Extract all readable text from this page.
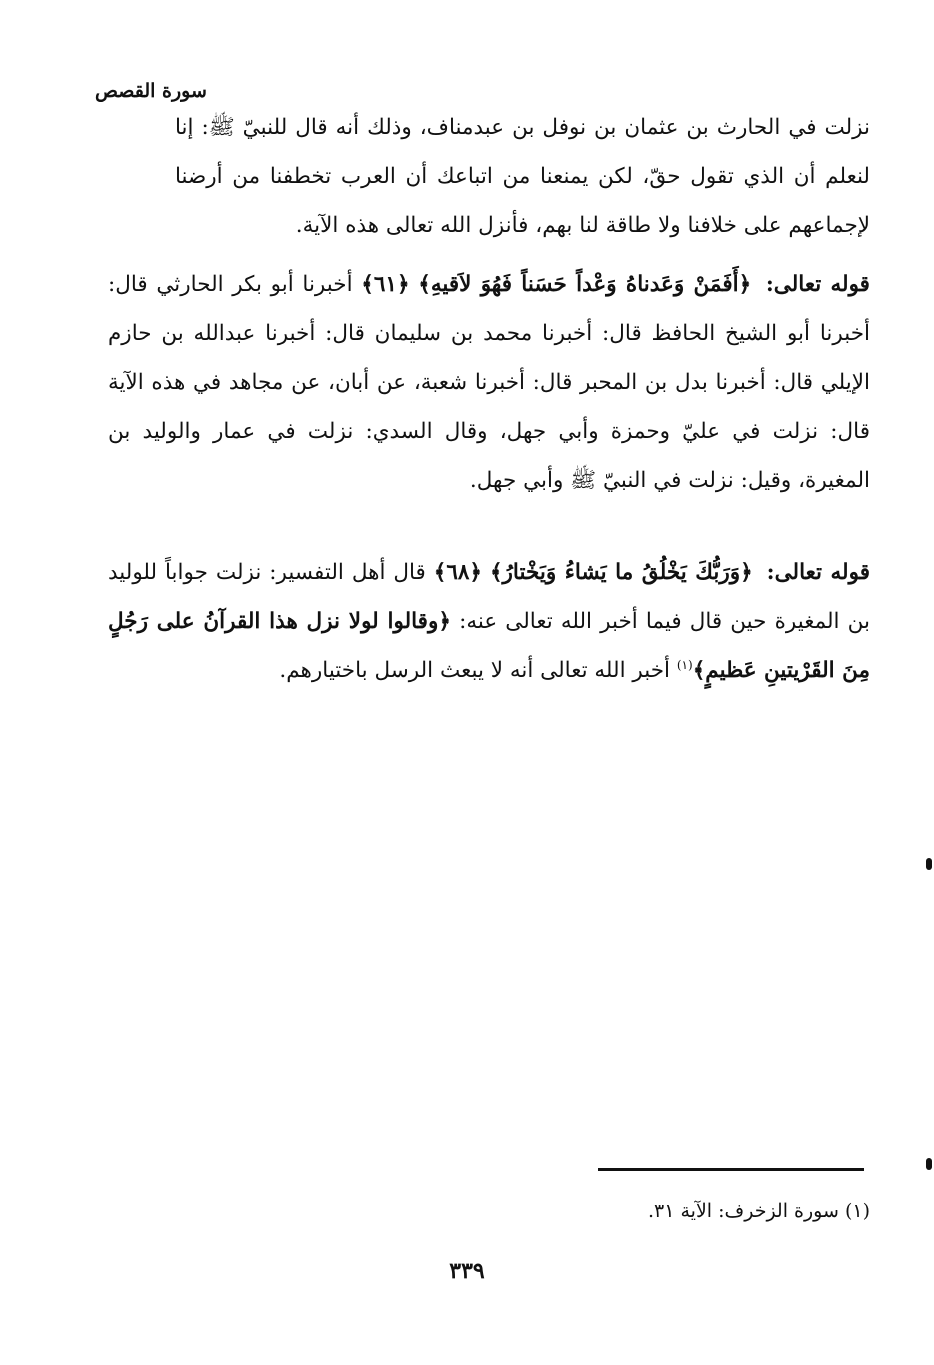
سورة القصص

نزلت في الحارث بن عثمان بن نوفل بن عبدمناف، وذلك أنه قال للنبيّ ﷺ: إنا لنعلم أن الذي تقول حقّ، لكن يمنعنا من اتباعك أن العرب تخطفنا من أرضنا لإجماعهم على خلافنا ولا طاقة لنا بهم، فأنزل الله تعالى هذه الآية.

قوله تعالى: ﴿أَفَمَنْ وَعَدناهُ وَعْداً حَسَناً فَهُوَ لاَقيهِ﴾ ﴿٦١﴾ أخبرنا أبو بكر الحارثي قال: أخبرنا أبو الشيخ الحافظ قال: أخبرنا محمد بن سليمان قال: أخبرنا عبدالله بن حازم الإيلي قال: أخبرنا بدل بن المحبر قال: أخبرنا شعبة، عن أبان، عن مجاهد في هذه الآية قال: نزلت في عليّ وحمزة وأبي جهل، وقال السدي: نزلت في عمار والوليد بن المغيرة، وقيل: نزلت في النبيّ ﷺ وأبي جهل.

قوله تعالى: ﴿وَرَبُّكَ يَخْلُقُ ما يَشاءُ وَيَخْتارُ﴾ ﴿٦٨﴾ قال أهل التفسير: نزلت جواباً للوليد بن المغيرة حين قال فيما أخبر الله تعالى عنه: ﴿وقالوا لولا نزل هذا القرآنُ على رَجُلٍ مِنَ القَرْيتينِ عَظيمٍ﴾$^{(١)}$ أخبر الله تعالى أنه لا يبعث الرسل باختيارهم.

(١) سورة الزخرف: الآية ٣١.
٣٣٩
